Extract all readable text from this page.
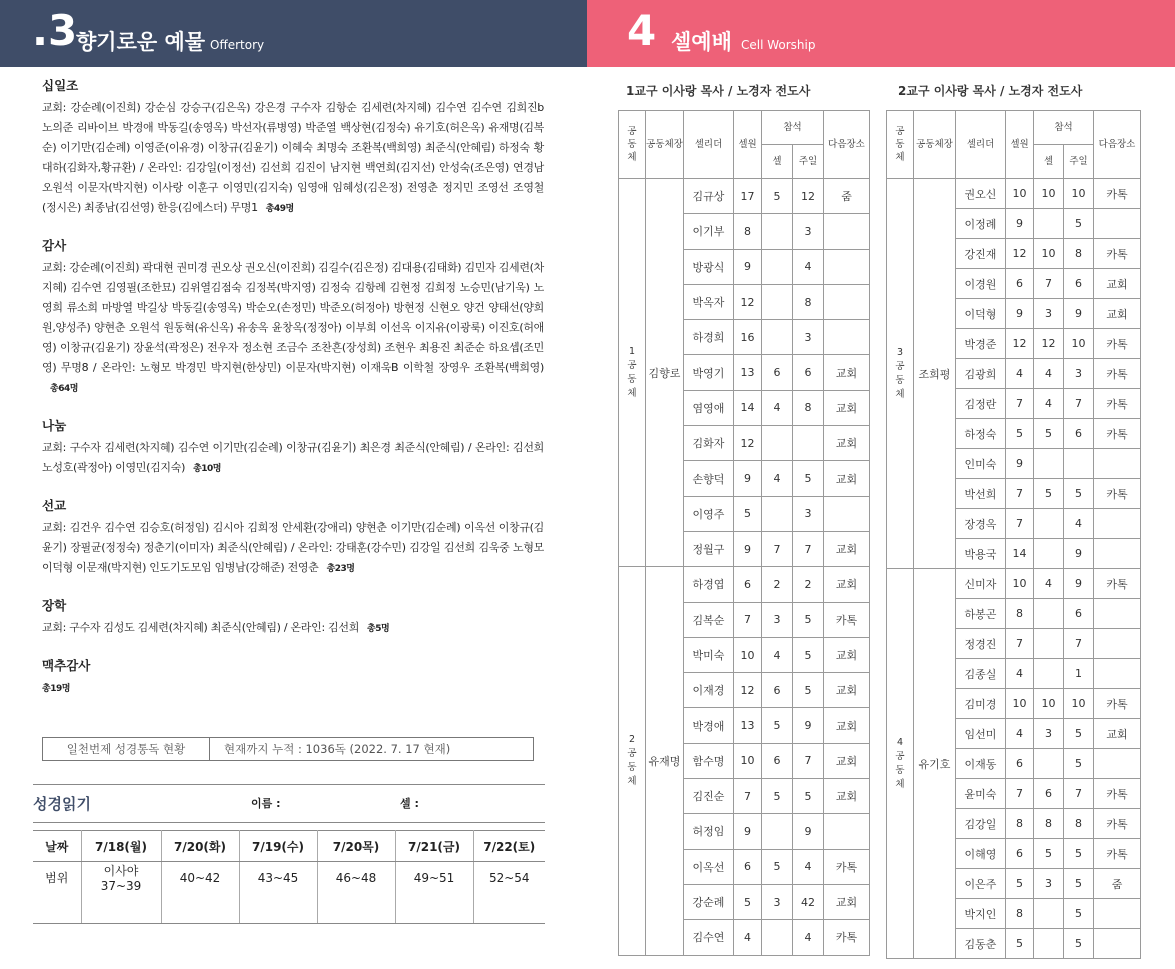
.3
향기로운 예물 Offertory	4 셀예배 Cell Worship
십일조
교회: 강순례(이진희) 강순심 강승구(김은옥) 강은경 구수자 김항순 김세련(차지혜) 김수연 김수연 김희진b 노의준 리바이브 박경애 박동길(송영옥) 박선자(류병영) 박준열 백상현(김정숙) 유기호(허은옥) 유재명(김복순) 이기만(김순례) 이영준(이유경) 이창규(김윤기) 이혜숙 최명숙 조환복(백희영) 최준식(안혜림) 하정숙 황대하(김화자,황규환) / 온라인: 김강일(이정선) 김선희 김진이 남지현 백연희(김지선) 안성숙(조은영) 연경남 오원석 이문자(박지현) 이사랑 이훈구 이영민(김지숙) 임영애 임혜성(김은정) 전영춘 정지민 조영선 조영철(정시은) 최종남(김선영) 한응(김에스더) 무명1 총49명
감사
교회: 강순례(이진희) 곽대현 권미경 권오상 권오신(이진희) 김길수(김은정) 김대용(김태화) 김민자 김세련(차지혜) 김수연 김영필(조한묘) 김위열김점숙 김정복(박지영) 김정숙 김항례 김현정 김희정 노승민(남기욱) 노영희 류소희 마방열 박길상 박동길(송영옥) 박순오(손정민) 박준오(허정아) 방현정 신현오 양건 양태선(양희원,양성주) 양현춘 오원석 원동혁(유신옥) 유송옥 윤창옥(정정아) 이부희 이선옥 이지유(이광룩) 이진호(허애영) 이창규(김윤기) 장윤석(곽정은) 전우자 정소현 조금수 조찬흔(장성희) 조현우 최용진 최준순 하요셉(조민영) 무명8 / 온라인: 노형모 박경민 박지현(한상민) 이문자(박지현) 이재욱B 이학철 장영우 조환복(백희영)총64명
나눔
교회: 구수자 김세련(차지혜) 김수연 이기만(김순례) 이창규(김윤기) 최은경 최준식(안혜림) / 온라인: 김선희 노성호(곽정아) 이영민(김지숙) 총10명
선교
교회: 김건우 김수연 김승호(허정임) 김시아 김희정 안세환(강애리) 양현춘 이기만(김순례) 이옥선 이창규(김윤기) 장필균(정정숙) 정춘기(이미자) 최준식(안혜림) / 온라인: 강태훈(강수민) 김강일 김선희 김욱중 노형모 이덕형 이문재(박지현) 인도기도모임 임병남(강해준) 전영춘 총23명
장학
교회: 구수자 김성도 김세련(차지혜) 최준식(안혜림) / 온라인: 김선희 총5명
맥추감사
총19명
일천번제 성경통독 현황	현재까지 누적 : 1036독 (2022. 7. 17 현재)
성경읽기	이름 :	셀 :
날짜	7/18(월)	7/20(화)	7/19(수)	7/20목)	7/21(금)	7/22(토)
범위	이사야 37~39	40~42	43~45	46~48	49~51	52~54

1교구 이사랑 목사 / 노경자 전도사	2교구 이사랑 목사 / 노경자 전도사
공
동
체	공동체장	셀리더	셀원	참석		다음장소
				셀	주일	
1
공
동
체	김향로	김규상	17	5	12	줌
		이기부	8		3	
		방광식	9		4	
		박옥자	12		8	
		하경희	16		3	
		박영기	13	6	6	교회
		염영애	14	4	8	교회
		김화자	12			교회
		손향덕	9	4	5	교회
		이영주	5		3	
		정월구	9	7	7	교회
2
공
동
체	유재명	하경엽	6	2	2	교회
		김복순	7	3	5	카톡
		박미숙	10	4	5	교회
		이재경	12	6	5	교회
		박경애	13	5	9	교회
		함수명	10	6	7	교회
		김진순	7	5	5	교회
		허정임	9		9	
		이옥선	6	5	4	카톡
		강순례	5	3	42	교회
		김수연	4		4	카톡
공
동
체	공동체장	셀리더	셀원	참석		다음장소
				셀	주일	
3
공
동
체	조희평	권오신	10	10	10	카톡
		이정례	9		5	
		강진재	12	10	8	카톡
		이경원	6	7	6	교회
		이덕형	9	3	9	교회
		박경준	12	12	10	카톡
		김광희	4	4	3	카톡
		김정란	7	4	7	카톡
		하정숙	5	5	6	카톡
		인미숙	9			
		박선희	7	5	5	카톡
		장경옥	7		4	
		박용국	14		9	
4
공
동
체	유기호	신미자	10	4	9	카톡
		하봉곤	8		6	
		정경진	7		7	
		김종실	4		1	
		김미경	10	10	10	카톡
		임선미	4	3	5	교회
		이재동	6		5	
		윤미숙	7	6	7	카톡
		김강일	8	8	8	카톡
		이해영	6	5	5	카톡
		이은주	5	3	5	줌
		박지인	8		5	
		김동춘	5		5	
